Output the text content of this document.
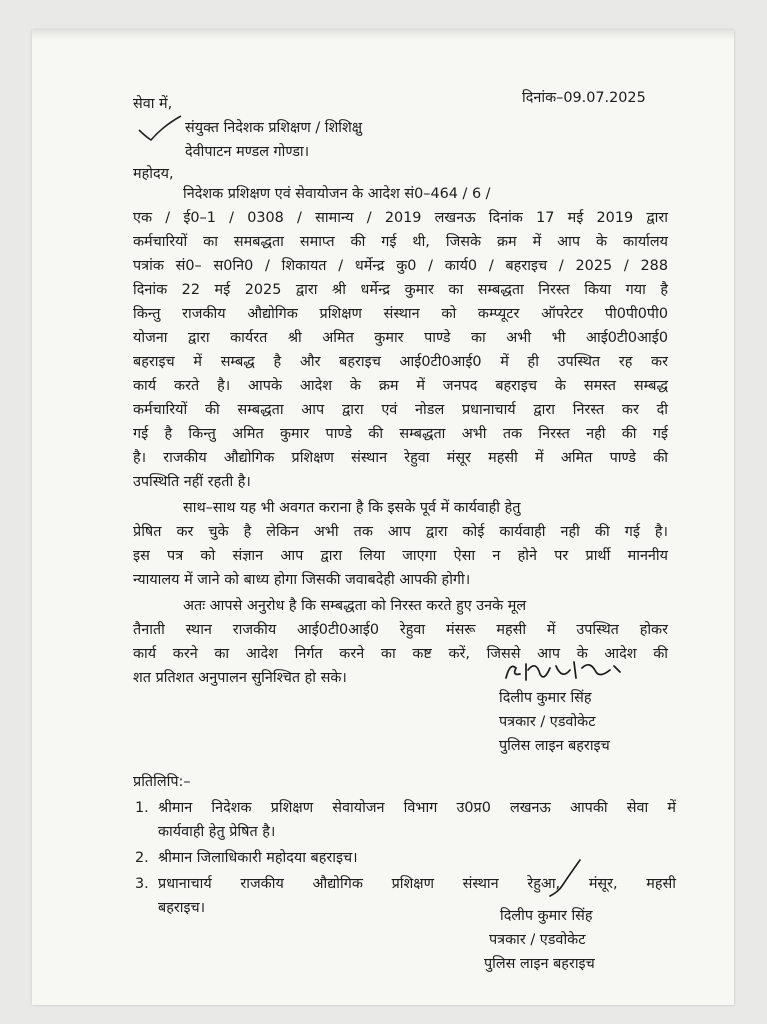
सेवा में,	दिनांक–09.07.2025

संयुक्त निदेशक प्रशिक्षण / शिशिक्षु

देवीपाटन मण्डल गोण्डा।

महोदय,

निदेशक प्रशिक्षण एवं सेवायोजन के आदेश सं0–464 / 6 /

एक / ई0–1 / 0308 / सामान्य / 2019 लखनऊ दिनांक 17 मई 2019 द्वारा

कर्मचारियों का समबद्धता समाप्त की गई थी, जिसके क्रम में आप के कार्यालय

पत्रांक सं0– स0नि0 / शिकायत / धर्मेन्द्र कु0 / कार्य0 / बहराइच / 2025 / 288

दिनांक 22 मई 2025 द्वारा श्री धर्मेन्द्र कुमार का सम्बद्धता निरस्त किया गया है

किन्तु राजकीय औद्योगिक प्रशिक्षण संस्थान को कम्प्यूटर ऑपरेटर पी0पी0पी0

योजना द्वारा कार्यरत श्री अमित कुमार पाण्डे का अभी भी आई0टी0आई0

बहराइच में सम्बद्ध है और बहराइच आई0टी0आई0 में ही उपस्थित रह कर

कार्य करते है। आपके आदेश के क्रम में जनपद बहराइच के समस्त सम्बद्ध

कर्मचारियों की सम्बद्धता आप द्वारा एवं नोडल प्रधानाचार्य द्वारा निरस्त कर दी

गई है किन्तु अमित कुमार पाण्डे की सम्बद्धता अभी तक निरस्त नही की गई

है। राजकीय औद्योगिक प्रशिक्षण संस्थान रेहुवा मंसूर महसी में अमित पाण्डे की

उपस्थिति नहीं रहती है।

साथ–साथ यह भी अवगत कराना है कि इसके पूर्व में कार्यवाही हेतु

प्रेषित कर चुके है लेकिन अभी तक आप द्वारा कोई कार्यवाही नही की गई है।

इस पत्र को संज्ञान आप द्वारा लिया जाएगा ऐसा न होने पर प्रार्थी माननीय

न्यायालय में जाने को बाध्य होगा जिसकी जवाबदेही आपकी होगी।

अतः आपसे अनुरोध है कि सम्बद्धता को निरस्त करते हुए उनके मूल

तैनाती स्थान राजकीय आई0टी0आई0 रेहुवा मंसरू महसी में उपस्थित होकर

कार्य करने का आदेश निर्गत करने का कष्ट करें, जिससे आप के आदेश की

शत प्रतिशत अनुपालन सुनिश्चित हो सके।

दिलीप कुमार सिंह

पत्रकार / एडवोकेट

पुलिस लाइन बहराइच

प्रतिलिपि:–

1. श्रीमान निदेशक प्रशिक्षण सेवायोजन विभाग उ0प्र0 लखनऊ आपकी सेवा में

कार्यवाही हेतु प्रेषित है।

2. श्रीमान जिलाधिकारी महोदया बहराइच।

3. प्रधानाचार्य राजकीय औद्योगिक प्रशिक्षण संस्थान रेहुआ, मंसूर, महसी

बहराइच।	दिलीप कुमार सिंह

पत्रकार / एडवोकेट

पुलिस लाइन बहराइच
